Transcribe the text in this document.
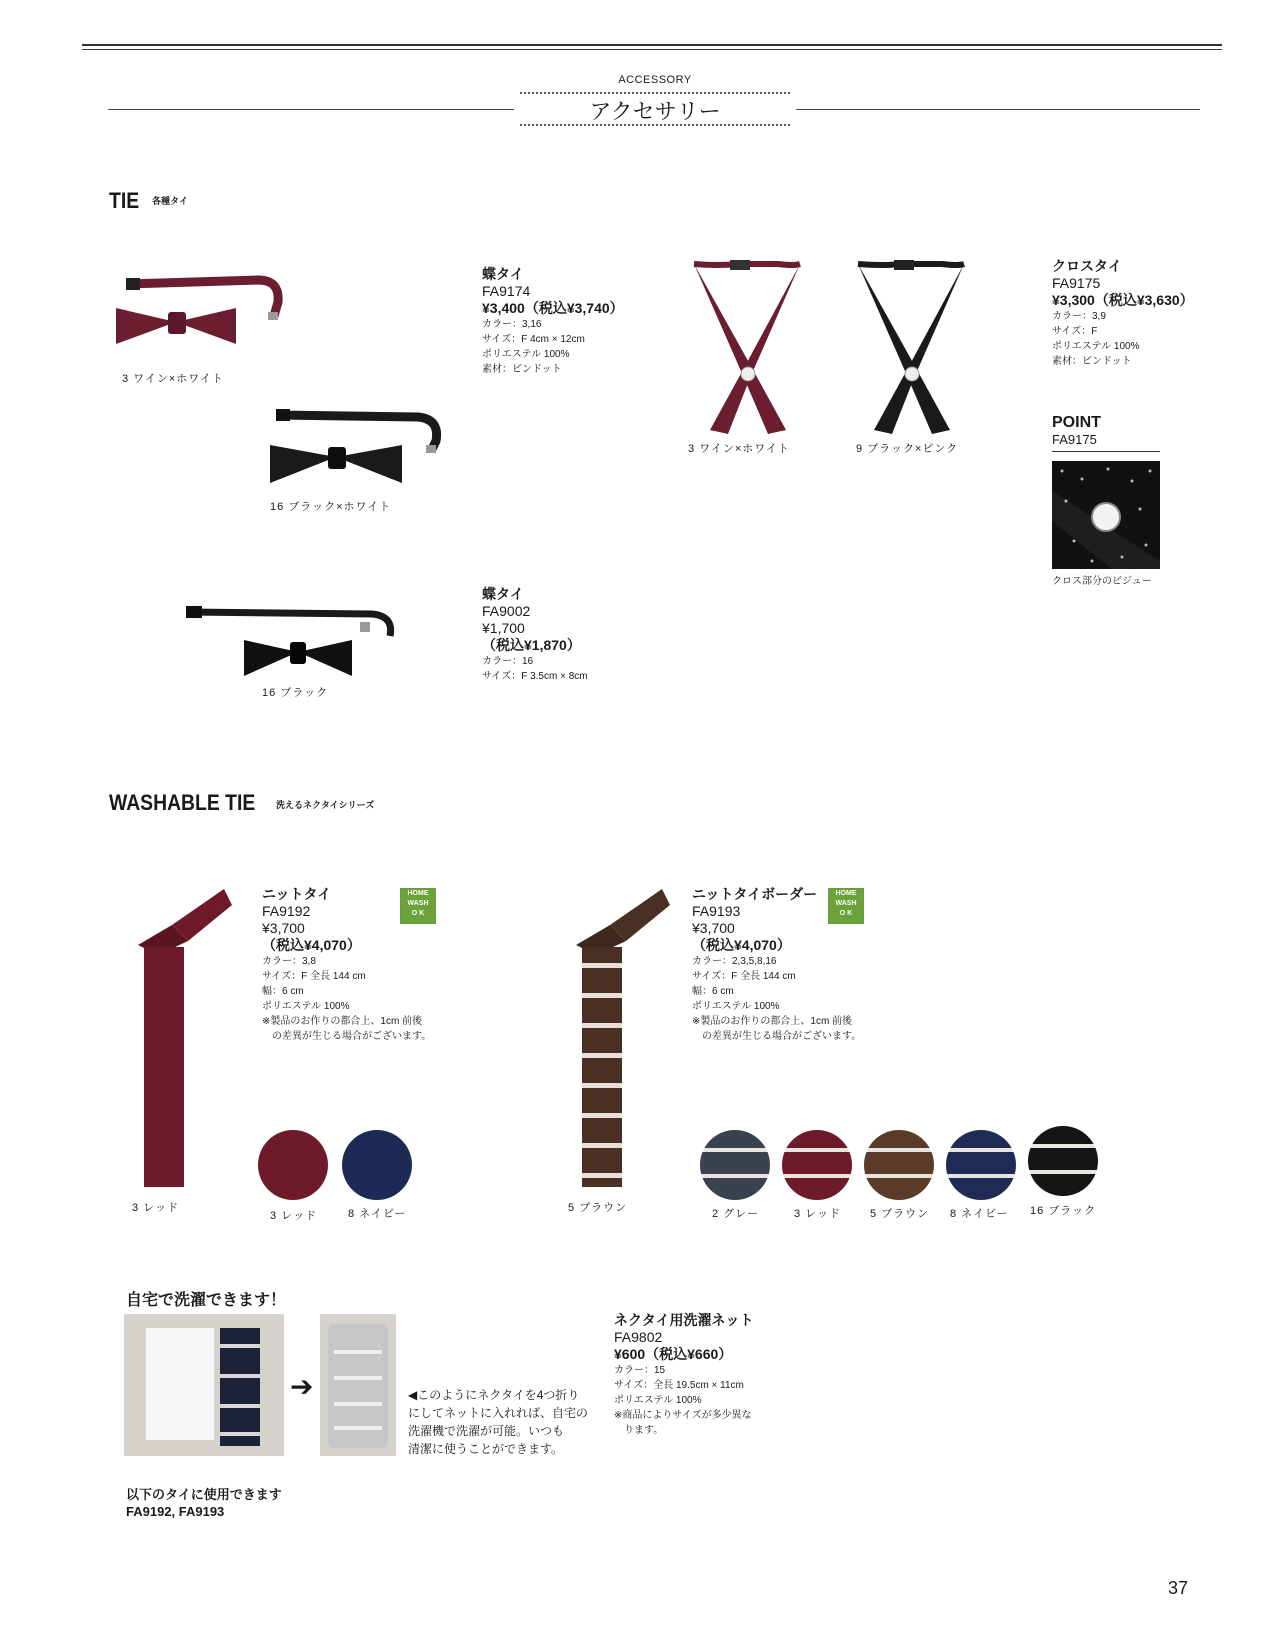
ACCESSORY
アクセサリー
TIE 各種タイ
3 ワイン×ホワイト
16 ブラック×ホワイト
蝶タイ
FA9174
¥3,400（税込¥3,740）
カラー：3,16
サイズ：F 4cm × 12cm
ポリエステル 100%
素材：ピンドット
3 ワイン×ホワイト	9 ブラック×ピンク
クロスタイ
FA9175
¥3,300（税込¥3,630）
カラー：3,9
サイズ：F
ポリエステル 100%
素材：ピンドット
POINT
FA9175
クロス部分のビジュー
16 ブラック
蝶タイ
FA9002
¥1,700
（税込¥1,870）
カラー：16
サイズ：F 3.5cm × 8cm
WASHABLE TIE 洗えるネクタイシリーズ
3 レッド
ニットタイ
FA9192
¥3,700
（税込¥4,070）
カラー：3,8
サイズ：F 全長 144 cm
幅：6 cm
ポリエステル 100%
※製品のお作りの都合上、1cm 前後
　の差異が生じる場合がございます。
HOME
WASH
O K
3 レッド	8 ネイビー	5 ブラウン
ニットタイボーダー
FA9193
¥3,700
（税込¥4,070）
カラー：2,3,5,8,16
サイズ：F 全長 144 cm
幅：6 cm
ポリエステル 100%
※製品のお作りの都合上、1cm 前後
　の差異が生じる場合がございます。
HOME
WASH
O K
2 グレー	3 レッド	5 ブラウン 8 ネイビー 16 ブラック
自宅で洗濯できます！
➔	◀このようにネクタイを4つ折り
にしてネットに入れれば、自宅の
洗濯機で洗濯が可能。いつも
清潔に使うことができます。
ネクタイ用洗濯ネット
FA9802
¥600（税込¥660）
カラー：15
サイズ：全長 19.5cm × 11cm
ポリエステル 100%
※商品によりサイズが多少異な
　ります。
以下のタイに使用できます
FA9192, FA9193
37
